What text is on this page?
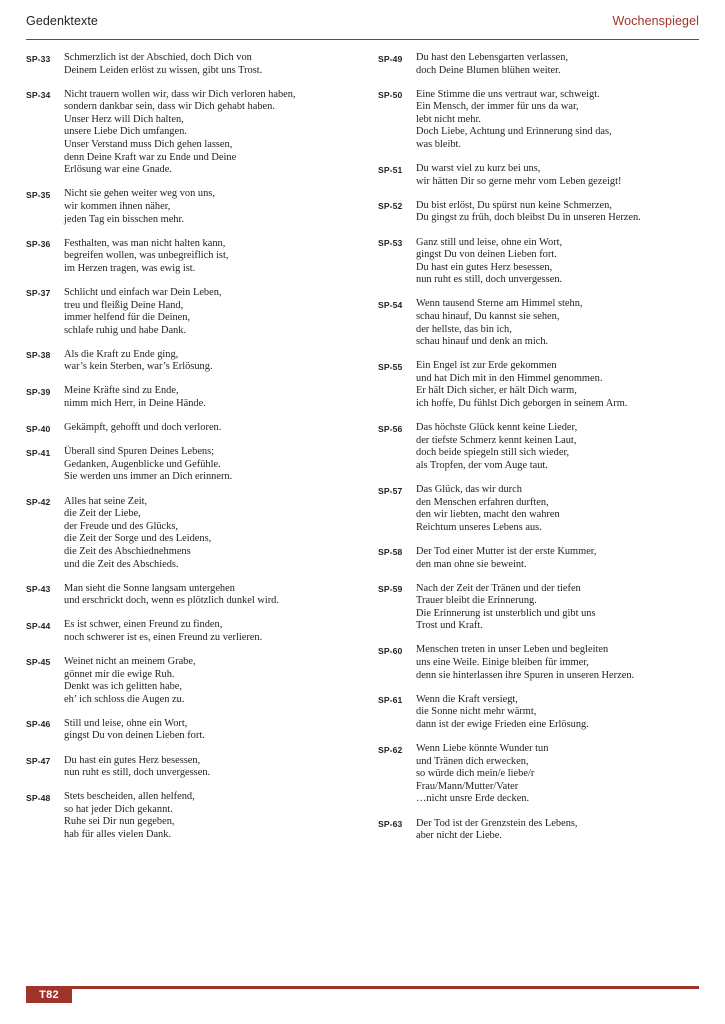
Gedenktexte	Wochenspiegel
SP-33	Schmerzlich ist der Abschied, doch Dich von
Deinem Leiden erlöst zu wissen, gibt uns Trost.
SP-34	Nicht trauern wollen wir, dass wir Dich verloren haben,
sondern dankbar sein, dass wir Dich gehabt haben.
Unser Herz will Dich halten,
unsere Liebe Dich umfangen.
Unser Verstand muss Dich gehen lassen,
denn Deine Kraft war zu Ende und Deine
Erlösung war eine Gnade.
SP-35	Nicht sie gehen weiter weg von uns,
wir kommen ihnen näher,
jeden Tag ein bisschen mehr.
SP-36	Festhalten, was man nicht halten kann,
begreifen wollen, was unbegreiflich ist,
im Herzen tragen, was ewig ist.
SP-37	Schlicht und einfach war Dein Leben,
treu und fleißig Deine Hand,
immer helfend für die Deinen,
schlafe ruhig und habe Dank.
SP-38	Als die Kraft zu Ende ging,
war’s kein Sterben, war’s Erlösung.
SP-39	Meine Kräfte sind zu Ende,
nimm mich Herr, in Deine Hände.
SP-40	Gekämpft, gehofft und doch verloren.
SP-41	Überall sind Spuren Deines Lebens;
Gedanken, Augenblicke und Gefühle.
Sie werden uns immer an Dich erinnern.
SP-42	Alles hat seine Zeit,
die Zeit der Liebe,
der Freude und des Glücks,
die Zeit der Sorge und des Leidens,
die Zeit des Abschiednehmens
und die Zeit des Abschieds.
SP-43	Man sieht die Sonne langsam untergehen
und erschrickt doch, wenn es plötzlich dunkel wird.
SP-44	Es ist schwer, einen Freund zu finden,
noch schwerer ist es, einen Freund zu verlieren.
SP-45	Weinet nicht an meinem Grabe,
gönnet mir die ewige Ruh.
Denkt was ich gelitten habe,
eh’ ich schloss die Augen zu.
SP-46	Still und leise, ohne ein Wort,
gingst Du von deinen Lieben fort.
SP-47	Du hast ein gutes Herz besessen,
nun ruht es still, doch unvergessen.
SP-48	Stets bescheiden, allen helfend,
so hat jeder Dich gekannt.
Ruhe sei Dir nun gegeben,
hab für alles vielen Dank.
SP-49	Du hast den Lebensgarten verlassen,
doch Deine Blumen blühen weiter.
SP-50	Eine Stimme die uns vertraut war, schweigt.
Ein Mensch, der immer für uns da war,
lebt nicht mehr.
Doch Liebe, Achtung und Erinnerung sind das,
was bleibt.
SP-51	Du warst viel zu kurz bei uns,
wir hätten Dir so gerne mehr vom Leben gezeigt!
SP-52	Du bist erlöst, Du spürst nun keine Schmerzen,
Du gingst zu früh, doch bleibst Du in unseren Herzen.
SP-53	Ganz still und leise, ohne ein Wort,
gingst Du von deinen Lieben fort.
Du hast ein gutes Herz besessen,
nun ruht es still, doch unvergessen.
SP-54	Wenn tausend Sterne am Himmel stehn,
schau hinauf, Du kannst sie sehen,
der hellste, das bin ich,
schau hinauf und denk an mich.
SP-55	Ein Engel ist zur Erde gekommen
und hat Dich mit in den Himmel genommen.
Er hält Dich sicher, er hält Dich warm,
ich hoffe, Du fühlst Dich geborgen in seinem Arm.
SP-56	Das höchste Glück kennt keine Lieder,
der tiefste Schmerz kennt keinen Laut,
doch beide spiegeln still sich wieder,
als Tropfen, der vom Auge taut.
SP-57	Das Glück, das wir durch
den Menschen erfahren durften,
den wir liebten, macht den wahren
Reichtum unseres Lebens aus.
SP-58	Der Tod einer Mutter ist der erste Kummer,
den man ohne sie beweint.
SP-59	Nach der Zeit der Tränen und der tiefen
Trauer bleibt die Erinnerung.
Die Erinnerung ist unsterblich und gibt uns
Trost und Kraft.
SP-60	Menschen treten in unser Leben und begleiten
uns eine Weile. Einige bleiben für immer,
denn sie hinterlassen ihre Spuren in unseren Herzen.
SP-61	Wenn die Kraft versiegt,
die Sonne nicht mehr wärmt,
dann ist der ewige Frieden eine Erlösung.
SP-62	Wenn Liebe könnte Wunder tun
und Tränen dich erwecken,
so würde dich mein/e liebe/r
Frau/Mann/Mutter/Vater
…nicht unsre Erde decken.
SP-63	Der Tod ist der Grenzstein des Lebens,
aber nicht der Liebe.
T82
